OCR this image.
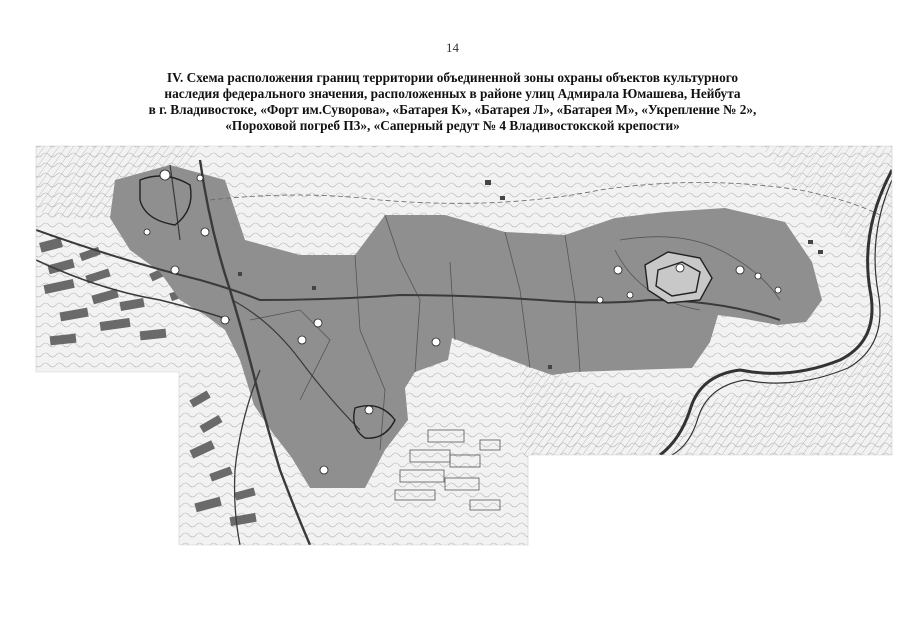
14
IV. Схема расположения границ территории объединенной зоны охраны объектов культурного
наследия федерального значения, расположенных в районе улиц Адмирала Юмашева, Нейбута
в г. Владивостоке, «Форт им.Суворова», «Батарея К», «Батарея Л», «Батарея М», «Укрепление № 2»,
«Пороховой погреб П3», «Саперный редут № 4 Владивостокской крепости»
